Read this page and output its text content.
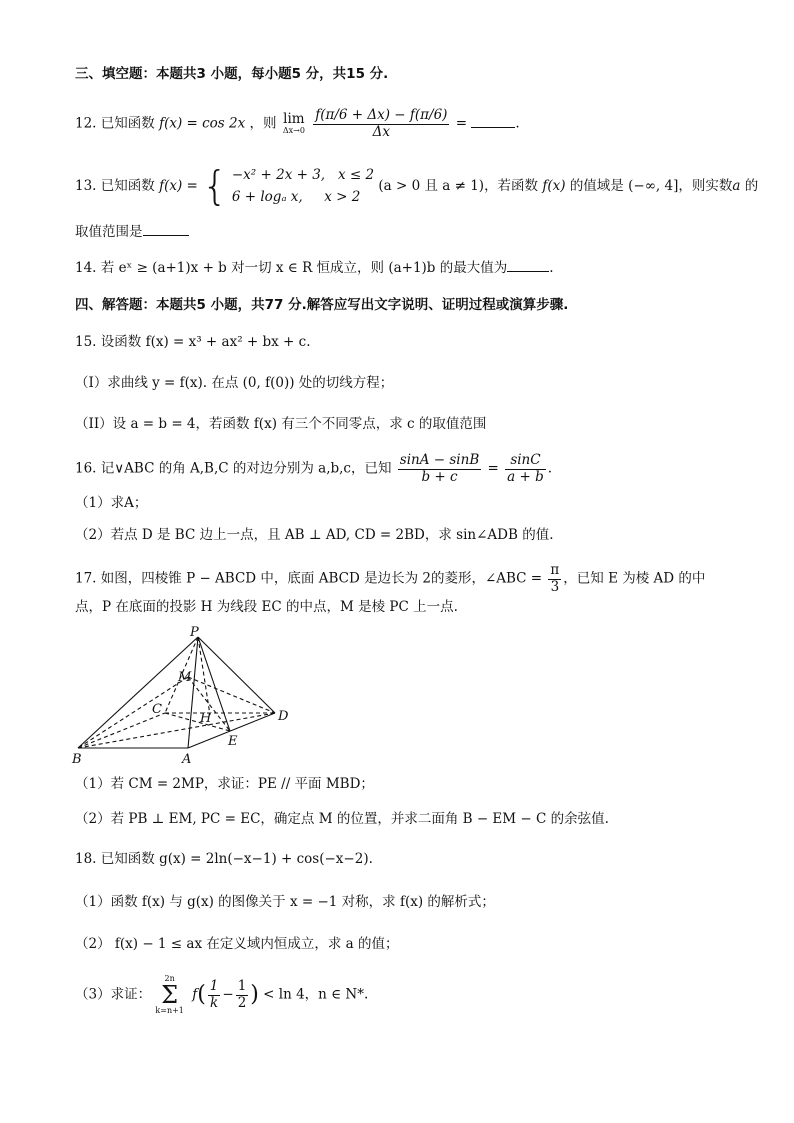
三、填空题：本题共3 小题，每小题5 分，共15 分.
12. 已知函数 f(x) = cos 2x ，则 lim
Δx→0
$\frac{f(\pi/6 + \Delta x) - f(\pi/6)}{\Delta x}$ =	.
13. 已知函数 f(x) = { −x² + 2x + 3, x ≤ 2
6 + logₐ x, x > 2
(a > 0 且 a ≠ 1)，若函数 f(x) 的值域是 (−∞, 4]，则实数a 的
取值范围是
14. 若 eˣ ≥ (a+1)x + b 对一切 x ∈ R 恒成立，则 (a+1)b 的最大值为	.
四、解答题：本题共5 小题，共77 分.解答应写出文字说明、证明过程或演算步骤.
15. 设函数 f(x) = x³ + ax² + bx + c.
（I）求曲线 y = f(x). 在点 (0, f(0)) 处的切线方程；
（II）设 a = b = 4，若函数 f(x) 有三个不同零点，求 c 的取值范围
16. 记∨ABC 的角 A,B,C 的对边分别为 a,b,c，已知 $\frac{\sin A - \sin B}{b + c} = \frac{\sin C}{a + b}$ .
（1）求A；
（2）若点 D 是 BC 边上一点，且 AB ⊥ AD, CD = 2BD，求 sin∠ADB 的值.
17. 如图，四棱锥 P − ABCD 中，底面 ABCD 是边长为 2的菱形，∠ABC = $\frac{\pi}{3}$ ，已知 E 为棱 AD 的中
点，P 在底面的投影 H 为线段 EC 的中点，M 是棱 PC 上一点.
P
M
C
H	D
E
B	A
（1）若 CM = 2MP，求证：PE // 平面 MBD；
（2）若 PB ⊥ EM, PC = EC，确定点 M 的位置，并求二面角 B − EM − C 的余弦值.
18. 已知函数 g(x) = 2ln(−x−1) + cos(−x−2).
（1）函数 f(x) 与 g(x) 的图像关于 x = −1 对称，求 f(x) 的解析式；
（2） f(x) − 1 ≤ ax 在定义域内恒成立，求 a 的值；
（3）求证：
2n
Σ
k=n+1
$f( \frac{1}{k} - \frac{1}{2}$ ) < ln 4，n ∈ N*.
